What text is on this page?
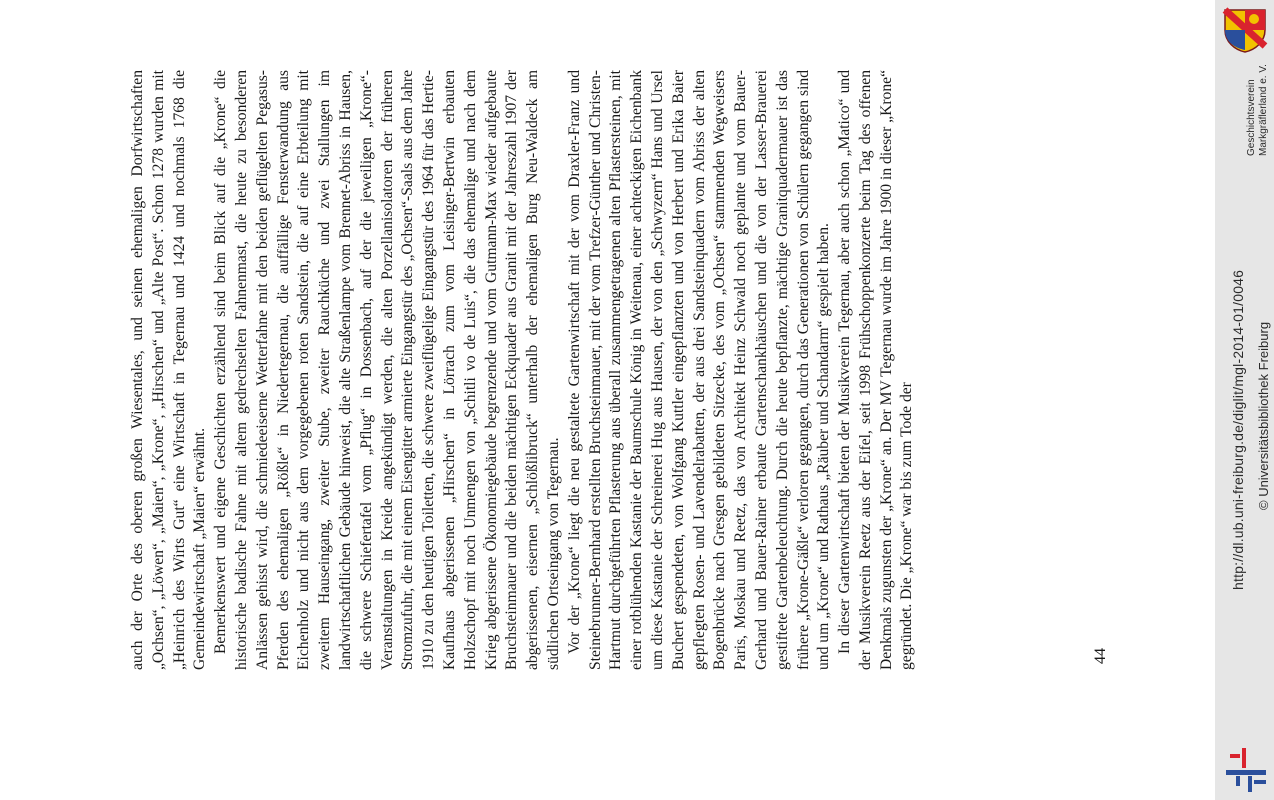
auch der Orte des oberen großen Wiesentales, und seinen ehemaligen Dorfwirtschaften „Ochsen“, „Löwen“, „Maien“, „Krone“, „Hirschen“ und „Alte Post“. Schon 1278 wurden mit „Heinrich des Wirts Gut“ eine Wirtschaft in Tegernau und 1424 und nochmals 1768 die Gemeindewirtschaft „Maien“ erwähnt. Bemerkenswert und eigene Geschichten erzählend sind beim Blick auf die „Krone“ die historische badische Fahne mit altem gedrechselten Fahnenmast, die heute zu besonderen Anlässen gehisst wird, die schmiedeeiserne Wetterfahne mit den beiden geflügelten Pegasus-Pferden des ehemaligen „Rößle“ in Niedertegernau, die auffällige Fensterwandung aus Eichenholz und nicht aus dem vorgegebenen roten Sandstein, die auf eine Erbteilung mit zweitem Hauseingang, zweiter Stube, zweiter Rauchküche und zwei Stallungen im landwirtschaftlichen Gebäude hinweist, die alte Straßenlampe vom Brennet-Abriss in Hausen, die schwere Schiefertafel vom „Pflug“ in Dossenbach, auf der die jeweiligen „Krone“-Veranstaltungen in Kreide angekündigt werden, die alten Porzellanisolatoren der früheren Stromzufuhr, die mit einem Eisengitter armierte Eingangstür des „Ochsen“-Saals aus dem Jahre 1910 zu den heutigen Toiletten, die schwere zweiflügelige Eingangstür des 1964 für das Hertie-Kaufhaus abgerissenen „Hirschen“ in Lörrach zum vom Leisinger-Bertwin erbauten Holzschopf mit noch Unmengen von „Schitli vo de Luis“, die das ehemalige und nach dem Krieg abgerissene Ökonomiegebäude begrenzende und vom Gutmann-Max wieder aufgebaute Bruchsteinmauer und die beiden mächtigen Eckquader aus Granit mit der Jahreszahl 1907 der abgerissenen, eisernen „Schlößlibruck“ unterhalb der ehemaligen Burg Neu-Waldeck am südlichen Ortseingang von Tegernau. Vor der „Krone“ liegt die neu gestaltete Gartenwirtschaft mit der vom Draxler-Franz und Steinebrunner-Bernhard erstellten Bruchsteinmauer, mit der vom Trefzer-Günther und Christen-Hartmut durchgeführten Pflasterung aus überall zusammengetragenen alten Pflastersteinen, mit einer rotblühenden Kastanie der Baumschule König in Weitenau, einer achteckigen Eichenbank um diese Kastanie der Schreinerei Hug aus Hausen, der von den „Schwyzern“ Hans und Ursel Buchert gespendeten, von Wolfgang Kuttler eingepflanzten und von Herbert und Erika Baier gepflegten Rosen- und Lavendelrabatten, der aus drei Sandsteinquadern vom Abriss der alten Bogenbrücke nach Gresgen gebildeten Sitzecke, des vom „Ochsen“ stammenden Wegweisers Paris, Moskau und Reetz, das von Architekt Heinz Schwald noch geplante und vom Bauer-Gerhard und Bauer-Rainer erbaute Gartenschankhäuschen und die von der Lasser-Brauerei gestiftete Gartenbeleuchtung. Durch die heute bepflanzte, mächtige Granitquadermauer ist das frühere „Krone-Gäßle“ verloren gegangen, durch das Generationen von Schülern gegangen sind und um „Krone“ und Rathaus „Räuber und Schandarm“ gespielt haben. In dieser Gartenwirtschaft bieten der Musikverein Tegernau, aber auch schon „Matico“ und der Musikverein Reetz aus der Eifel, seit 1998 Frühschoppenkonzerte beim Tag des offenen Denkmals zugunsten der „Krone“ an. Der MV Tegernau wurde im Jahre 1900 in dieser „Krone“ gegründet. Die „Krone“ war bis zum Tode der	44
Geschichtsverein Markgräflerland e. V.
http://dl.ub.uni-freiburg.de/diglit/mgl-2014-01/0046 © Universitätsbibliothek Freiburg
